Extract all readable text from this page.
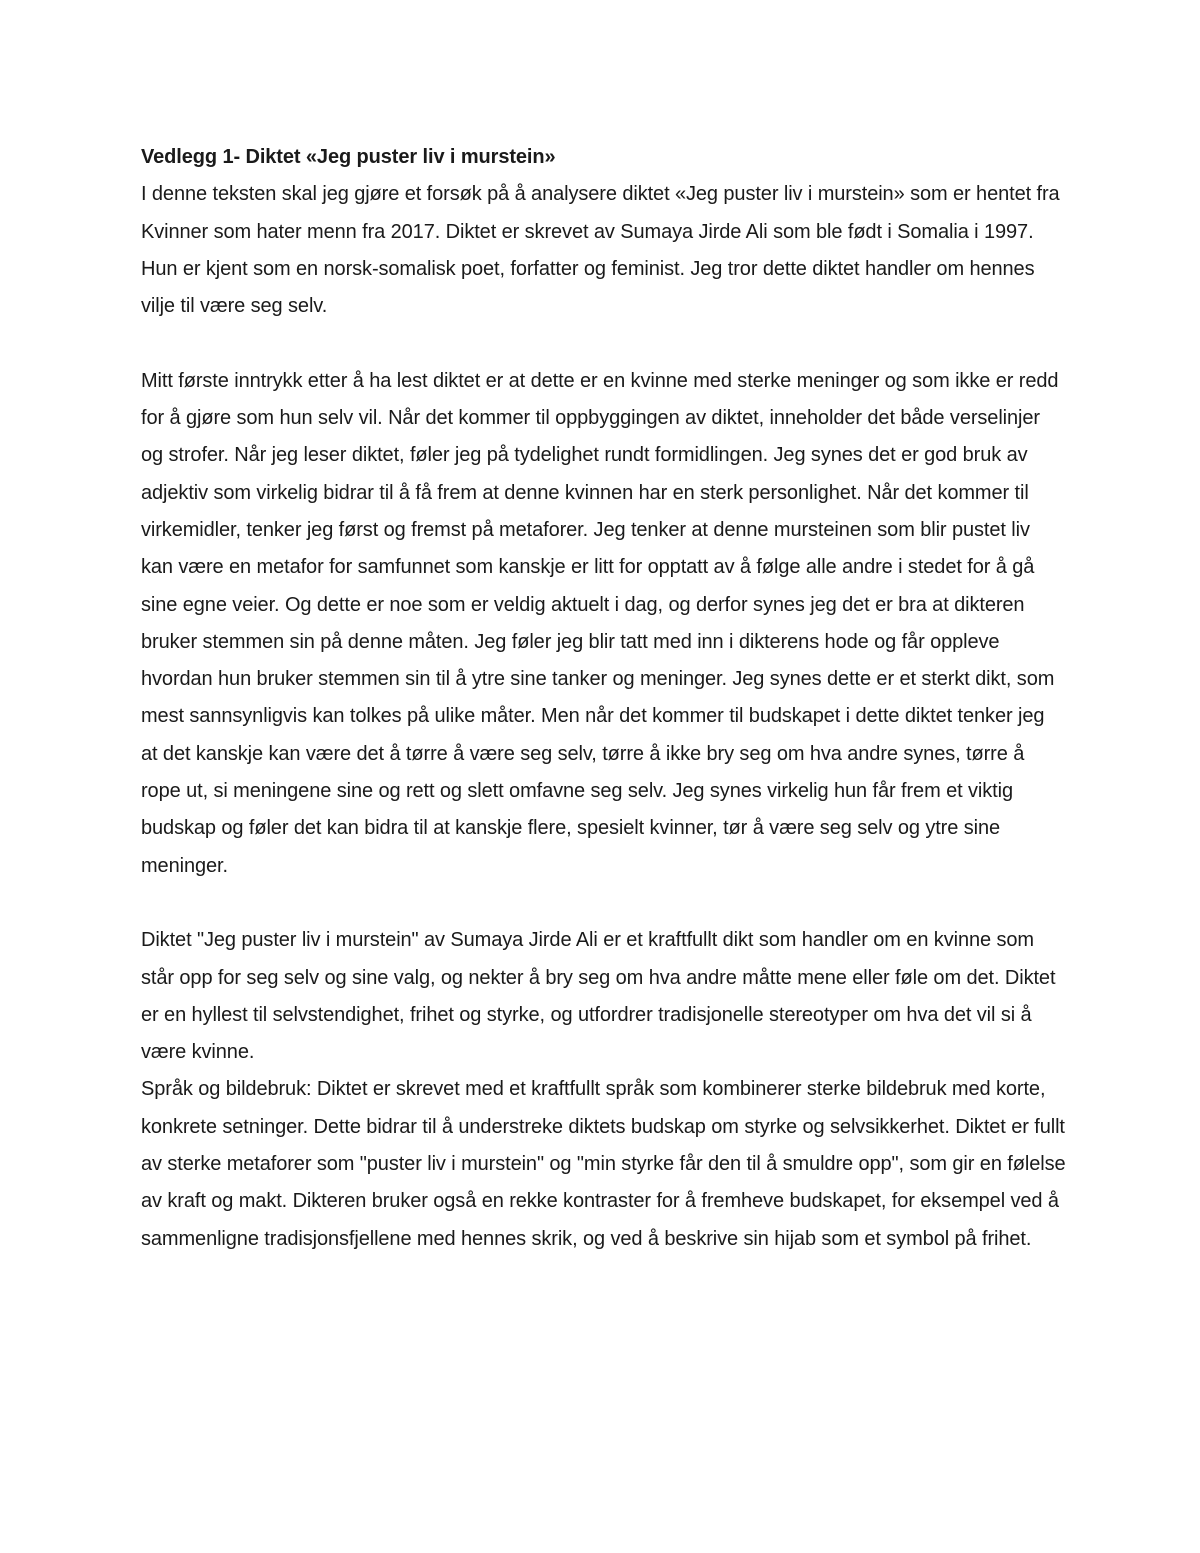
Vedlegg 1- Diktet «Jeg puster liv i murstein»

I denne teksten skal jeg gjøre et forsøk på å analysere diktet «Jeg puster liv i murstein» som er hentet fra Kvinner som hater menn fra 2017. Diktet er skrevet av Sumaya Jirde Ali som ble født i Somalia i 1997. Hun er kjent som en norsk-somalisk poet, forfatter og feminist. Jeg tror dette diktet handler om hennes vilje til være seg selv.

Mitt første inntrykk etter å ha lest diktet er at dette er en kvinne med sterke meninger og som ikke er redd for å gjøre som hun selv vil. Når det kommer til oppbyggingen av diktet, inneholder det både verselinjer og strofer. Når jeg leser diktet, føler jeg på tydelighet rundt formidlingen. Jeg synes det er god bruk av adjektiv som virkelig bidrar til å få frem at denne kvinnen har en sterk personlighet. Når det kommer til virkemidler, tenker jeg først og fremst på metaforer. Jeg tenker at denne mursteinen som blir pustet liv kan være en metafor for samfunnet som kanskje er litt for opptatt av å følge alle andre i stedet for å gå sine egne veier. Og dette er noe som er veldig aktuelt i dag, og derfor synes jeg det er bra at dikteren bruker stemmen sin på denne måten. Jeg føler jeg blir tatt med inn i dikterens hode og får oppleve hvordan hun bruker stemmen sin til å ytre sine tanker og meninger. Jeg synes dette er et sterkt dikt, som mest sannsynligvis kan tolkes på ulike måter. Men når det kommer til budskapet i dette diktet tenker jeg at det kanskje kan være det å tørre å være seg selv, tørre å ikke bry seg om hva andre synes, tørre å rope ut, si meningene sine og rett og slett omfavne seg selv. Jeg synes virkelig hun får frem et viktig budskap og føler det kan bidra til at kanskje flere, spesielt kvinner, tør å være seg selv og ytre sine meninger.

Diktet "Jeg puster liv i murstein" av Sumaya Jirde Ali er et kraftfullt dikt som handler om en kvinne som står opp for seg selv og sine valg, og nekter å bry seg om hva andre måtte mene eller føle om det. Diktet er en hyllest til selvstendighet, frihet og styrke, og utfordrer tradisjonelle stereotyper om hva det vil si å være kvinne.

Språk og bildebruk: Diktet er skrevet med et kraftfullt språk som kombinerer sterke bildebruk med korte, konkrete setninger. Dette bidrar til å understreke diktets budskap om styrke og selvsikkerhet. Diktet er fullt av sterke metaforer som "puster liv i murstein" og "min styrke får den til å smuldre opp", som gir en følelse av kraft og makt. Dikteren bruker også en rekke kontraster for å fremheve budskapet, for eksempel ved å sammenligne tradisjonsfjellene med hennes skrik, og ved å beskrive sin hijab som et symbol på frihet.
